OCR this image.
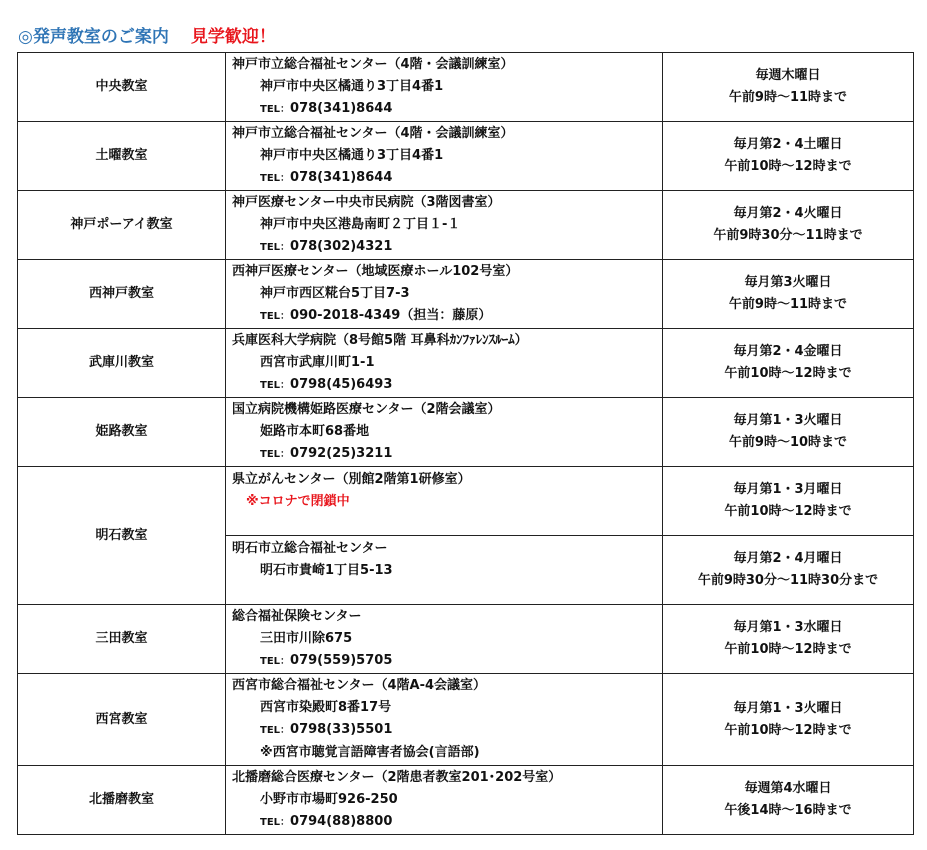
◎発声教室のご案内 見学歓迎！
中央教室	神戸市立総合福祉センター（4階・会議訓練室）
神戸市中央区橘通り3丁目4番1
TEL：078(341)8644	毎週木曜日
午前9時～11時まで

土曜教室	神戸市立総合福祉センター（4階・会議訓練室）
神戸市中央区橘通り3丁目4番1
TEL：078(341)8644	毎月第2・4土曜日
午前10時～12時まで

神戸ポーアイ教室	神戸医療センター中央市民病院（3階図書室）
神戸市中央区港島南町２丁目１-１
TEL：078(302)4321	毎月第2・4火曜日
午前9時30分～11時まで

西神戸教室	西神戸医療センター（地域医療ホール102号室）
神戸市西区糀台5丁目7-3
TEL：090-2018-4349（担当：藤原）	毎月第3火曜日
午前9時～11時まで

武庫川教室	兵庫医科大学病院（8号館5階 耳鼻科ｶﾝﾌｧﾚﾝｽﾙｰﾑ）
西宮市武庫川町1-1
TEL：0798(45)6493	毎月第2・4金曜日
午前10時～12時まで

姫路教室	国立病院機構姫路医療センター（2階会議室）
姫路市本町68番地
TEL：0792(25)3211	毎月第1・3火曜日
午前9時～10時まで

明石教室	県立がんセンター（別館2階第1研修室）
※コロナで閉鎖中	毎月第1・3月曜日
午前10時～12時まで

	明石市立総合福祉センター
明石市貴崎1丁目5-13	毎月第2・4月曜日
午前9時30分～11時30分まで

三田教室	総合福祉保険センター
三田市川除675
TEL：079(559)5705	毎月第1・3水曜日
午前10時～12時まで

西宮教室	西宮市総合福祉センター（4階A-4会議室）
西宮市染殿町8番17号
TEL：0798(33)5501
※西宮市聴覚言語障害者協会(言語部)	毎月第1・3火曜日
午前10時～12時まで

北播磨教室	北播磨総合医療センター（2階患者教室201･202号室）
小野市市場町926-250
TEL：0794(88)8800	毎週第4水曜日
午後14時～16時まで
